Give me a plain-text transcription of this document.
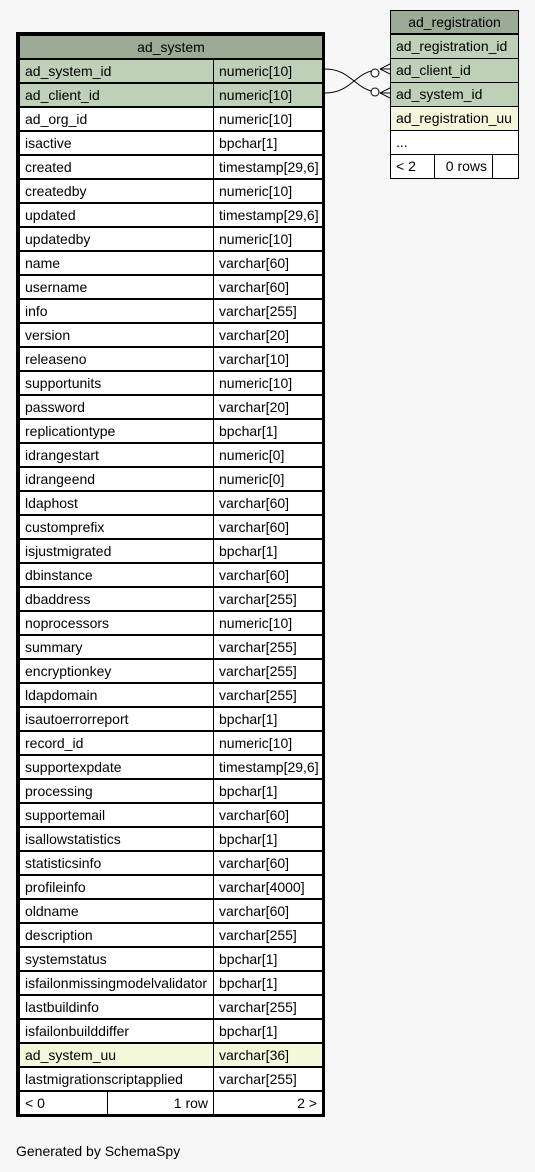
ad_system
ad_system_id	numeric[10]
ad_client_id	numeric[10]
ad_org_id	numeric[10]
isactive	bpchar[1]
created	timestamp[29,6]
createdby	numeric[10]
updated	timestamp[29,6]
updatedby	numeric[10]
name	varchar[60]
username	varchar[60]
info	varchar[255]
version	varchar[20]
releaseno	varchar[10]
supportunits	numeric[10]
password	varchar[20]
replicationtype	bpchar[1]
idrangestart	numeric[0]
idrangeend	numeric[0]
ldaphost	varchar[60]
customprefix	varchar[60]
isjustmigrated	bpchar[1]
dbinstance	varchar[60]
dbaddress	varchar[255]
noprocessors	numeric[10]
summary	varchar[255]
encryptionkey	varchar[255]
ldapdomain	varchar[255]
isautoerrorreport	bpchar[1]
record_id	numeric[10]
supportexpdate	timestamp[29,6]
processing	bpchar[1]
supportemail	varchar[60]
isallowstatistics	bpchar[1]
statisticsinfo	varchar[60]
profileinfo	varchar[4000]
oldname	varchar[60]
description	varchar[255]
systemstatus	bpchar[1]
isfailonmissingmodelvalidator bpchar[1]
lastbuildinfo	varchar[255]
isfailonbuilddiffer	bpchar[1]
ad_system_uu	varchar[36]
lastmigrationscriptapplied	varchar[255]
< 0	1 row	2 >
ad_registration
ad_registration_id
ad_client_id
ad_system_id
ad_registration_uu
...
< 2	0 rows
Generated by SchemaSpy
